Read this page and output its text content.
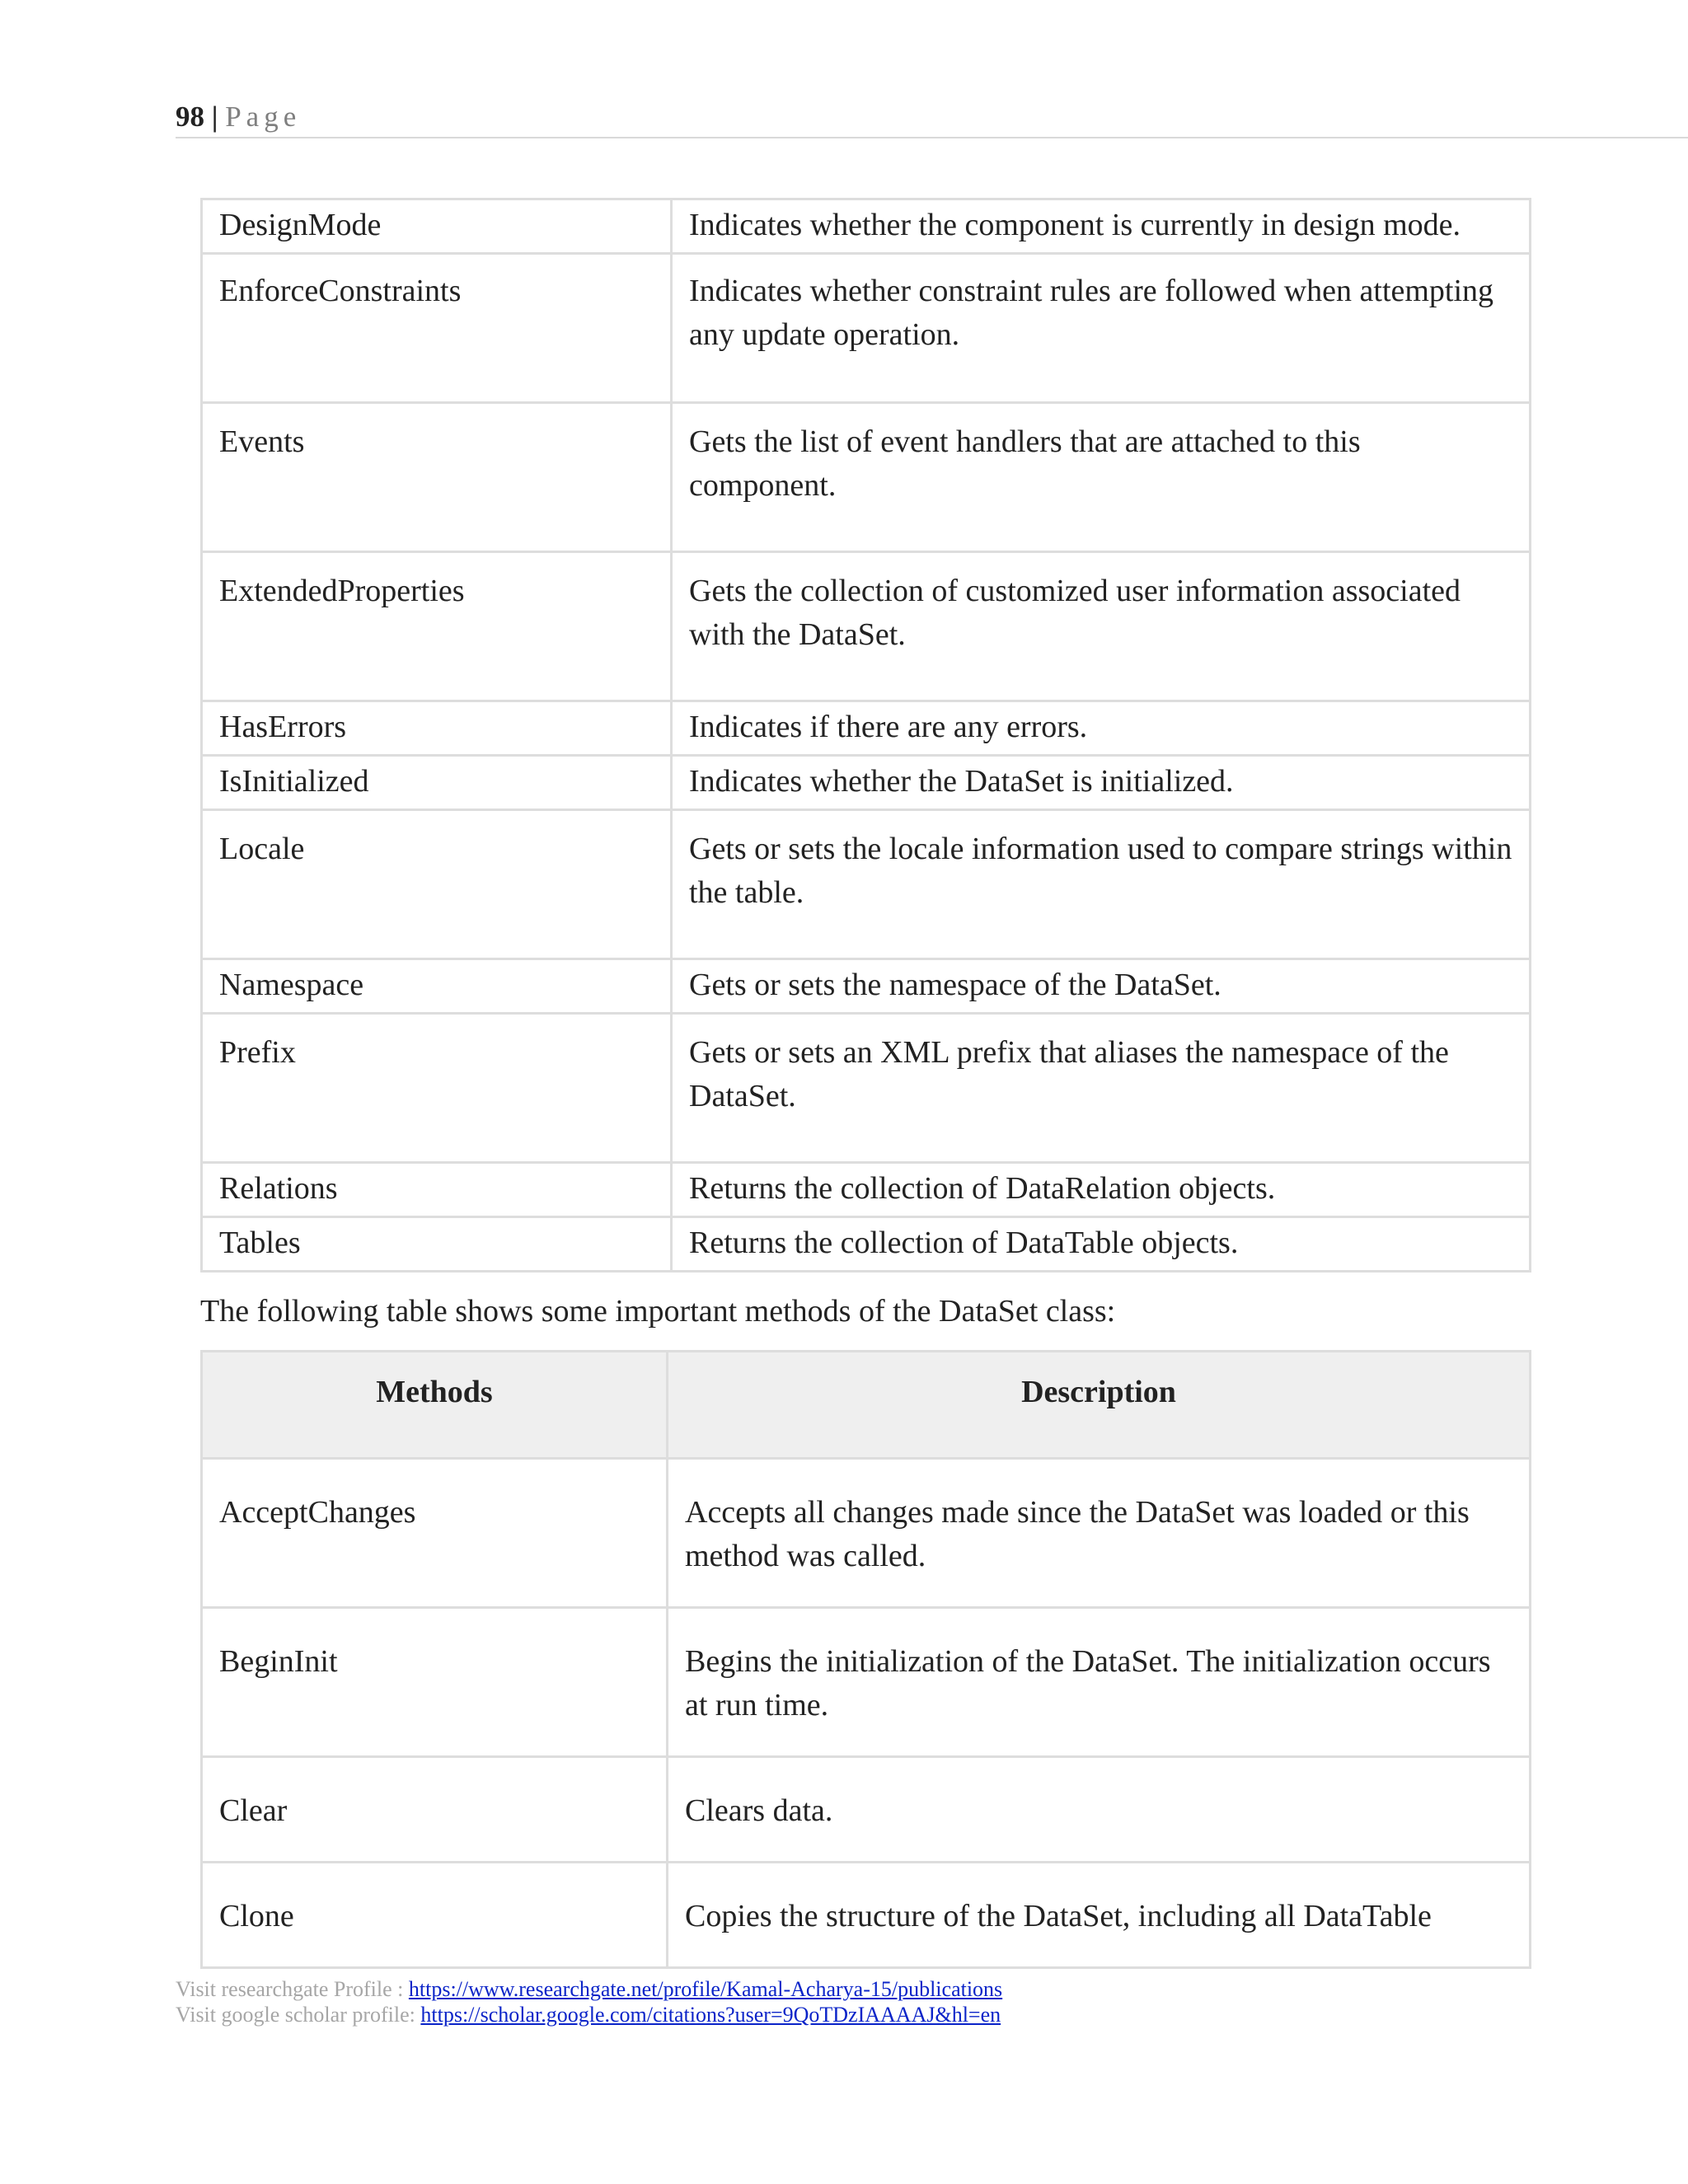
98 | Page
DesignMode	Indicates whether the component is currently in design mode.
EnforceConstraints	Indicates whether constraint rules are followed when attempting any update operation.
Events	Gets the list of event handlers that are attached to this component.
ExtendedProperties	Gets the collection of customized user information associated with the DataSet.
HasErrors	Indicates if there are any errors.
IsInitialized	Indicates whether the DataSet is initialized.
Locale	Gets or sets the locale information used to compare strings within the table.
Namespace	Gets or sets the namespace of the DataSet.
Prefix	Gets or sets an XML prefix that aliases the namespace of the DataSet.
Relations	Returns the collection of DataRelation objects.
Tables	Returns the collection of DataTable objects.
The following table shows some important methods of the DataSet class:
Methods	Description
AcceptChanges	Accepts all changes made since the DataSet was loaded or this method was called.
BeginInit	Begins the initialization of the DataSet. The initialization occurs at run time.
Clear	Clears data.
Clone	Copies the structure of the DataSet, including all DataTable
Visit researchgate Profile : https://www.researchgate.net/profile/Kamal-Acharya-15/publications
Visit google scholar profile: https://scholar.google.com/citations?user=9QoTDzIAAAAJ&hl=en
